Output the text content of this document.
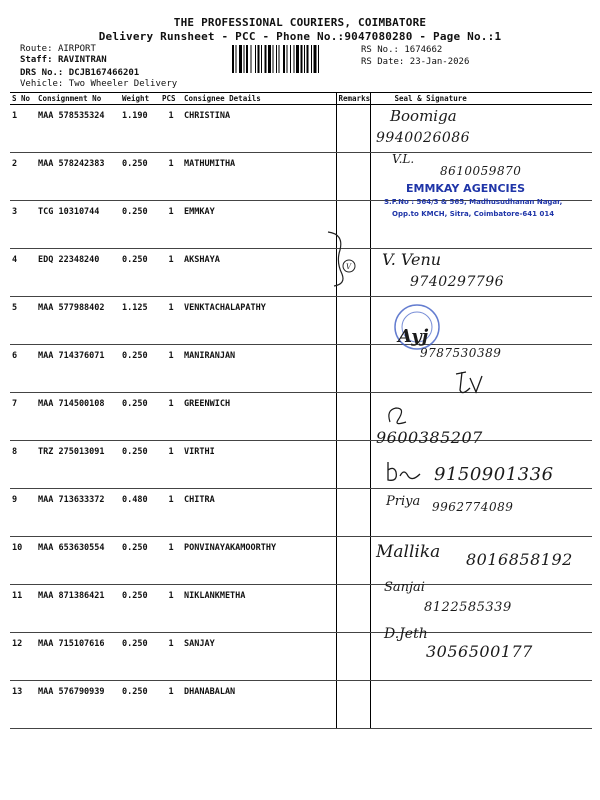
THE PROFESSIONAL COURIERS, COIMBATORE
Delivery Runsheet - PCC - Phone No.:9047080280 - Page No.:1
Route: AIRPORT
Staff: RAVINTRAN
DRS No.: DCJB167466201
Vehicle: Two Wheeler Delivery
RS No.: 1674662
RS Date: 23-Jan-2026
S No	Consignment No	Weight	PCS	Consignee Details	Remarks	Seal & Signature
1	MAA 578535324	1.190	1	CHRISTINA		
2	MAA 578242383	0.250	1	MATHUMITHA		
3	TCG 10310744	0.250	1	EMMKAY		
4	EDQ 22348240	0.250	1	AKSHAYA		
5	MAA 577988402	1.125	1	VENKTACHALAPATHY		
6	MAA 714376071	0.250	1	MANIRANJAN		
7	MAA 714500108	0.250	1	GREENWICH		
8	TRZ 275013091	0.250	1	VIRTHI		
9	MAA 713633372	0.480	1	CHITRA		
10	MAA 653630554	0.250	1	PONVINAYAKAMOORTHY		
11	MAA 871386421	0.250	1	NIKLANKMETHA		
12	MAA 715107616	0.250	1	SANJAY		
13	MAA 576790939	0.250	1	DHANABALAN		
V
Boomiga
9940026086
V.L.
8610059870
EMMKAY AGENCIES
S.F.No : 564/3 & 565, Madhusudhanan Nagar,
Opp.to KMCH, Sitra, Coimbatore-641 014
V. Venu
9740297796
Ayj
9787530389
9600385207
9150901336
Priya 9962774089
Mallika 8016858192
Sanjai
8122585339
D.Jeth
3056500177
